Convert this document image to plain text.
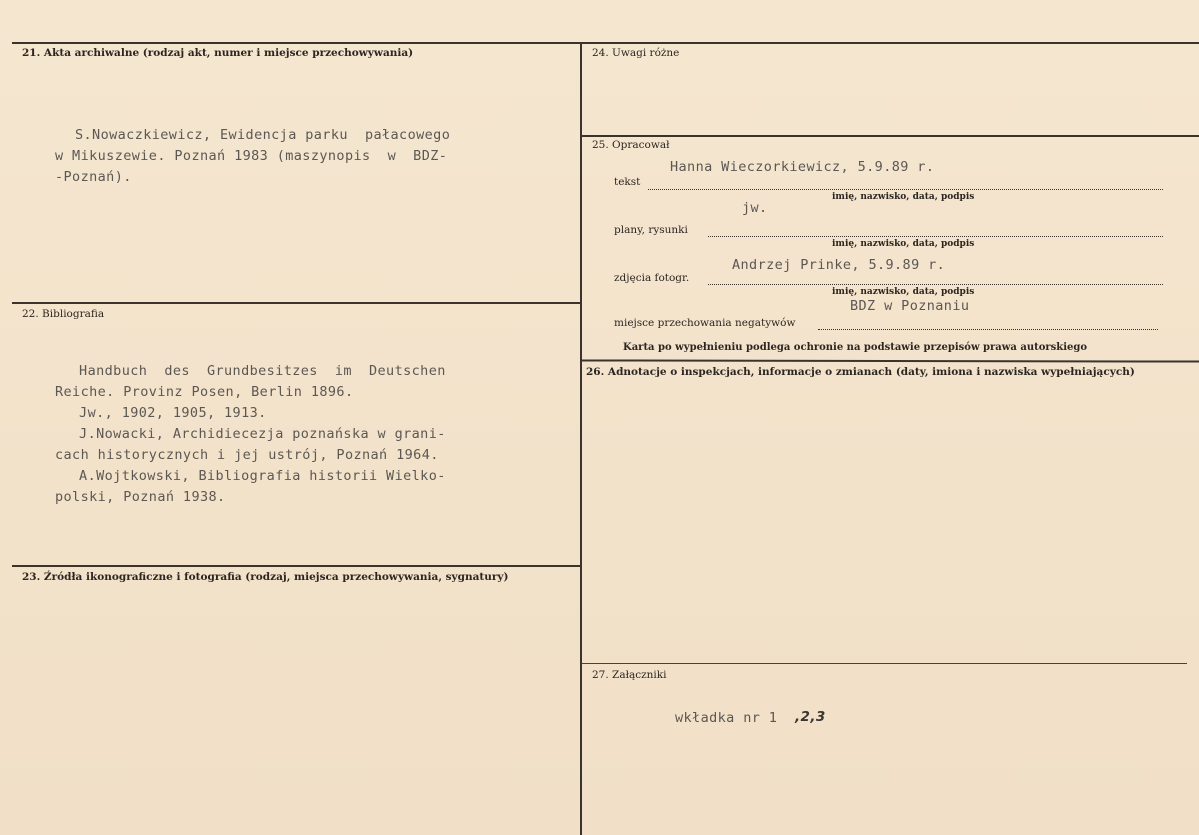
21. Akta archiwalne (rodzaj akt, numer i miejsce przechowywania)
S.Nowaczkiewicz, Ewidencja parku  pałacowego
w Mikuszewie. Poznań 1983 (maszynopis  w  BDZ-
-Poznań).
22. Bibliografia
Handbuch  des  Grundbesitzes  im  Deutschen
Reiche. Provinz Posen, Berlin 1896.
Jw., 1902, 1905, 1913.
J.Nowacki, Archidiecezja poznańska w grani-
cach historycznych i jej ustrój, Poznań 1964.
A.Wojtkowski, Bibliografia historii Wielko-
polski, Poznań 1938.
23. Źródła ikonograficzne i fotografia (rodzaj, miejsca przechowywania, sygnatury)
24. Uwagi różne
25. Opracował
Hanna Wieczorkiewicz, 5.9.89 r.
tekst
imię, nazwisko, data, podpis
jw.
plany, rysunki
imię, nazwisko, data, podpis
Andrzej Prinke, 5.9.89 r.
zdjęcia fotogr.
imię, nazwisko, data, podpis
BDZ w Poznaniu
miejsce przechowania negatywów
Karta po wypełnieniu podlega ochronie na podstawie przepisów prawa autorskiego
26. Adnotacje o inspekcjach, informacje o zmianach (daty, imiona i nazwiska wypełniających)
27. Załączniki
wkładka nr 1 ,2,3
